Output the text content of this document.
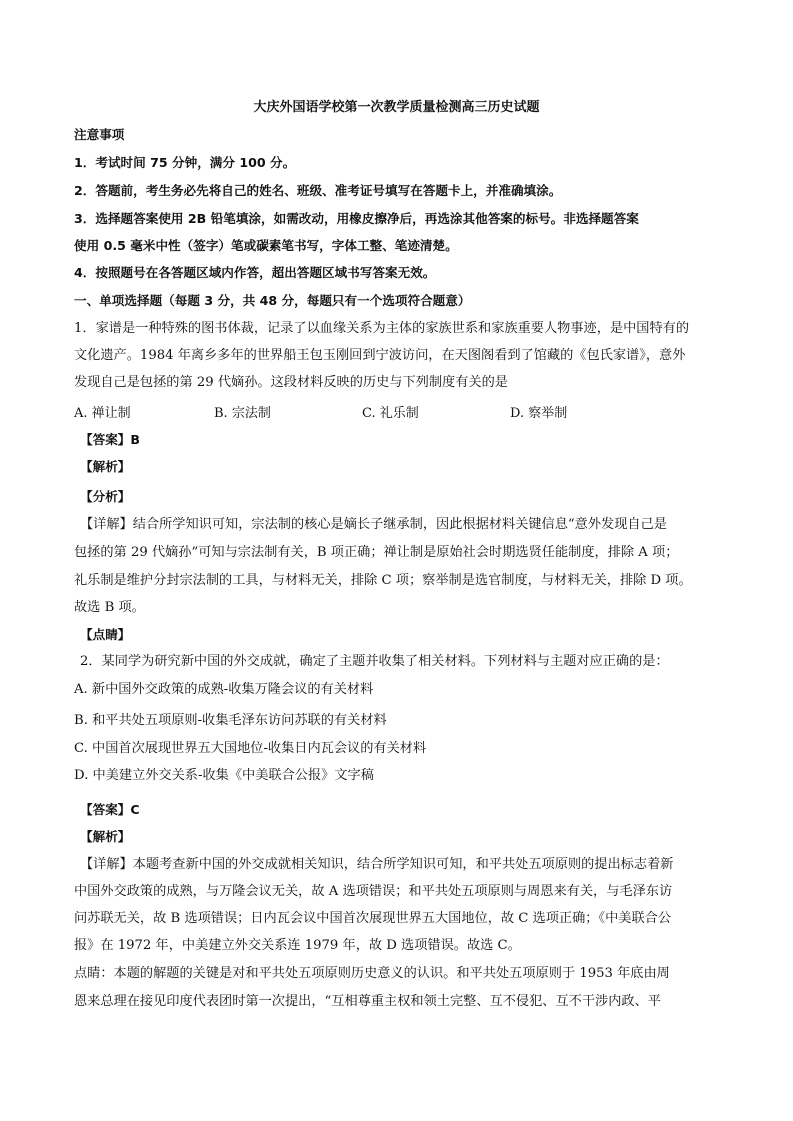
大庆外国语学校第一次教学质量检测高三历史试题
注意事项
1．考试时间 75 分钟，满分 100 分。
2．答题前，考生务必先将自己的姓名、班级、准考证号填写在答题卡上，并准确填涂。
3．选择题答案使用 2B 铅笔填涂，如需改动，用橡皮擦净后，再选涂其他答案的标号。非选择题答案
使用 0.5 毫米中性（签字）笔或碳素笔书写，字体工整、笔迹清楚。
4．按照题号在各答题区域内作答，超出答题区域书写答案无效。
一、单项选择题（每题 3 分，共 48 分，每题只有一个选项符合题意）
1．家谱是一种特殊的图书体裁，记录了以血缘关系为主体的家族世系和家族重要人物事迹，是中国特有的
文化遗产。1984 年离乡多年的世界船王包玉刚回到宁波访问，在天图阁看到了馆藏的《包氏家谱》，意外
发现自己是包拯的第 29 代嫡孙。这段材料反映的历史与下列制度有关的是
A. 禅让制	B. 宗法制	C. 礼乐制	D. 察举制
【答案】B
【解析】
【分析】
【详解】结合所学知识可知，宗法制的核心是嫡长子继承制，因此根据材料关键信息“意外发现自己是
包拯的第 29 代嫡孙”可知与宗法制有关，B 项正确；禅让制是原始社会时期选贤任能制度，排除 A 项；
礼乐制是维护分封宗法制的工具，与材料无关，排除 C 项；察举制是选官制度，与材料无关，排除 D 项。
故选 B 项。
【点睛】
2．某同学为研究新中国的外交成就，确定了主题并收集了相关材料。下列材料与主题对应正确的是：
A. 新中国外交政策的成熟-收集万隆会议的有关材料
B. 和平共处五项原则-收集毛泽东访问苏联的有关材料
C. 中国首次展现世界五大国地位-收集日内瓦会议的有关材料
D. 中美建立外交关系-收集《中美联合公报》文字稿
【答案】C
【解析】
【详解】本题考查新中国的外交成就相关知识，结合所学知识可知，和平共处五项原则的提出标志着新
中国外交政策的成熟，与万隆会议无关，故 A 选项错误；和平共处五项原则与周恩来有关，与毛泽东访
问苏联无关，故 B 选项错误；日内瓦会议中国首次展现世界五大国地位，故 C 选项正确；《中美联合公
报》在 1972 年，中美建立外交关系连 1979 年，故 D 选项错误。故选 C。
点睛：本题的解题的关键是对和平共处五项原则历史意义的认识。和平共处五项原则于 1953 年底由周
恩来总理在接见印度代表团时第一次提出，“互相尊重主权和领土完整、互不侵犯、互不干涉内政、平
